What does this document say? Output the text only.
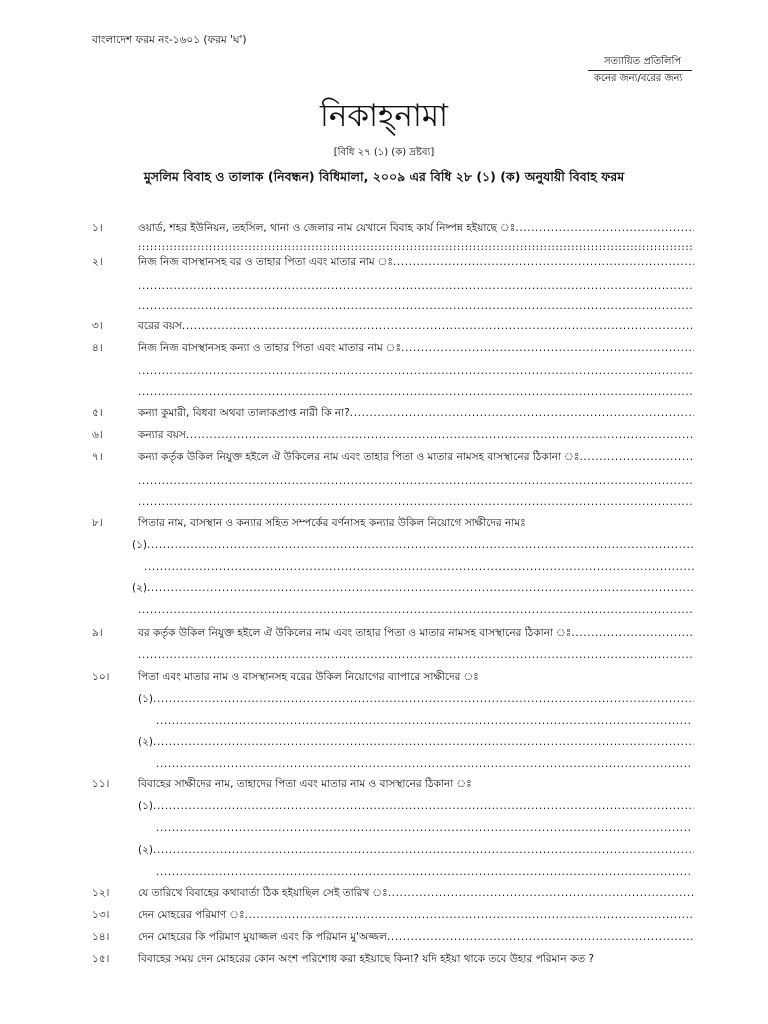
বাংলাদেশ ফরম নং-১৬০১ (ফরম 'ঘ')
সত্যায়িত প্রতিলিপি
কনের জন্য/বরের জন্য
নিকাহ্‌নামা
[বিধি ২৭ (১) (ক) দ্রষ্টব্য]
মুসলিম বিবাহ ও তালাক (নিবন্ধন) বিধিমালা, ২০০৯ এর বিধি ২৮ (১) (ক) অনুযায়ী বিবাহ ফরম
১।	ওয়ার্ড, শহর ইউনিয়ন, তহসিল, থানা ও জেলার নাম যেখানে বিবাহ কার্য নিষ্পন্ন হইয়াছে ঃ
.....
.....
.....
২।	নিজ নিজ বাসস্থানসহ বর ও তাহার পিতা এবং মাতার নাম ঃ
.....
.....
.....
৩।	বরের বয়স
.....
৪।	নিজ নিজ বাসস্থানসহ কন্যা ও তাহার পিতা এবং মাতার নাম ঃ
.....
.....
.....
৫।	কন্যা কুমারী, বিধবা অথবা তালাকপ্রাপ্ত নারী কি না?
.....
৬।	কন্যার বয়স
.....
৭।	কন্যা কর্তৃক উকিল নিযুক্ত হইলে ঐ উকিলের নাম এবং তাহার পিতা ও মাতার নামসহ বাসস্থানের ঠিকানা ঃ
.....
.....
.....
৮।	পিতার নাম, বাসস্থান ও কন্যার সহিত সম্পর্কের বর্ণনাসহ কন্যার উকিল নিয়োগে সাক্ষীদের নামঃ
(১)
.....
.....
(২)
.....
.....
৯।	বর কর্তৃক উকিল নিযুক্ত হইলে ঐ উকিলের নাম এবং তাহার পিতা ও মাতার নামসহ বাসস্থানের ঠিকানা ঃ
.....
.....
১০।	পিতা এবং মাতার নাম ও বাসস্থানসহ বরের উকিল নিয়োগের ব্যাপারে সাক্ষীদের ঃ
(১)
.....
.....
(২)
.....
.....
১১।	বিবাহের সাক্ষীদের নাম, তাহাদের পিতা এবং মাতার নাম ও বাসস্থানের ঠিকানা ঃ
(১)
.....
.....
(২)
.....
.....
১২।	যে তারিখে বিবাহের কথাবার্তা ঠিক হইয়াছিল সেই তারিখ ঃ
.....
১৩।	দেন মোহরের পরিমাণ ঃ
.....
১৪।	দেন মোহরের কি পরিমাণ মুয়াজ্জল এবং কি পরিমান মু'অজ্জল
.....
১৫।	বিবাহের সময় দেন মোহরের কোন অংশ পরিশোধ করা হইয়াছে কিনা? যদি হইয়া থাকে তবে উহার পরিমান কত ?
